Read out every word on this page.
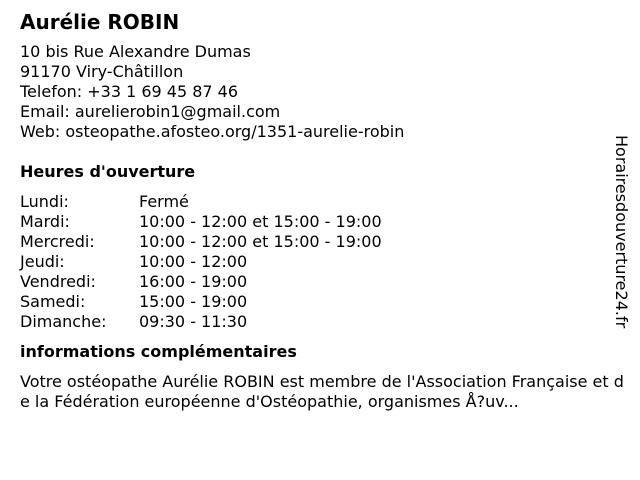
Aurélie ROBIN
10 bis Rue Alexandre Dumas
91170 Viry-Châtillon
Telefon: +33 1 69 45 87 46
Email: aurelierobin1@gmail.com
Web: osteopathe.afosteo.org/1351-aurelie-robin
Heures d'ouverture
Lundi:	Fermé
Mardi:	10:00 - 12:00 et 15:00 - 19:00
Mercredi:	10:00 - 12:00 et 15:00 - 19:00
Jeudi:	10:00 - 12:00
Vendredi:	16:00 - 19:00
Samedi:	15:00 - 19:00
Dimanche:	09:30 - 11:30
informations complémentaires
Votre ostéopathe Aurélie ROBIN est membre de l'Association Française et de la Fédération européenne d'Ostéopathie, organismes Å?uv...
Horairesdouverture24.fr
